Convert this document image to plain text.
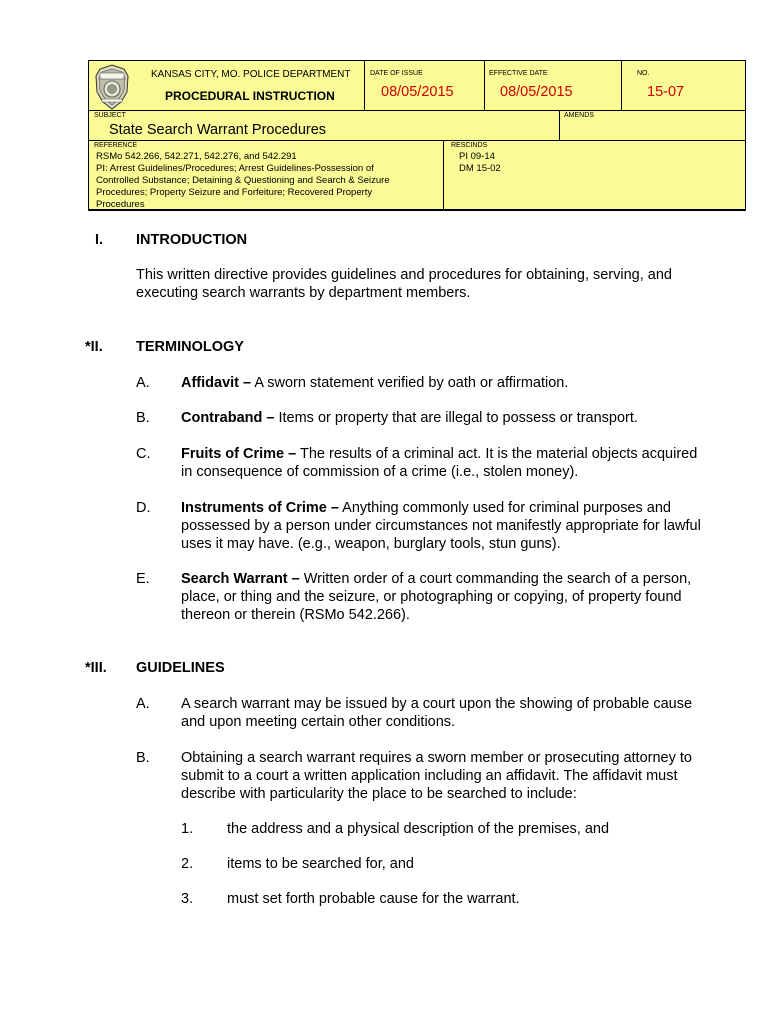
KANSAS CITY, MO. POLICE DEPARTMENT
PROCEDURAL INSTRUCTION
DATE OF ISSUE
08/05/2015
EFFECTIVE DATE
08/05/2015
NO.
15-07
SUBJECT
State Search Warrant Procedures
AMENDS
REFERENCE
RSMo 542.266, 542.271, 542.276, and 542.291
PI: Arrest Guidelines/Procedures; Arrest Guidelines-Possession of
Controlled Substance; Detaining & Questioning and Search & Seizure
Procedures; Property Seizure and Forfeiture; Recovered Property
Procedures
RESCINDS
PI 09-14
DM 15-02
I. INTRODUCTION
This written directive provides guidelines and procedures for obtaining, serving, and
executing search warrants by department members.
*II. TERMINOLOGY
A. Affidavit – A sworn statement verified by oath or affirmation.
B. Contraband – Items or property that are illegal to possess or transport.
C. Fruits of Crime – The results of a criminal act. It is the material objects acquired
in consequence of commission of a crime (i.e., stolen money).
D. Instruments of Crime – Anything commonly used for criminal purposes and
possessed by a person under circumstances not manifestly appropriate for lawful
uses it may have. (e.g., weapon, burglary tools, stun guns).
E. Search Warrant – Written order of a court commanding the search of a person,
place, or thing and the seizure, or photographing or copying, of property found
thereon or therein (RSMo 542.266).
*III. GUIDELINES
A. A search warrant may be issued by a court upon the showing of probable cause
and upon meeting certain other conditions.
B. Obtaining a search warrant requires a sworn member or prosecuting attorney to
submit to a court a written application including an affidavit. The affidavit must
describe with particularity the place to be searched to include:
1. the address and a physical description of the premises, and
2. items to be searched for, and
3. must set forth probable cause for the warrant.
